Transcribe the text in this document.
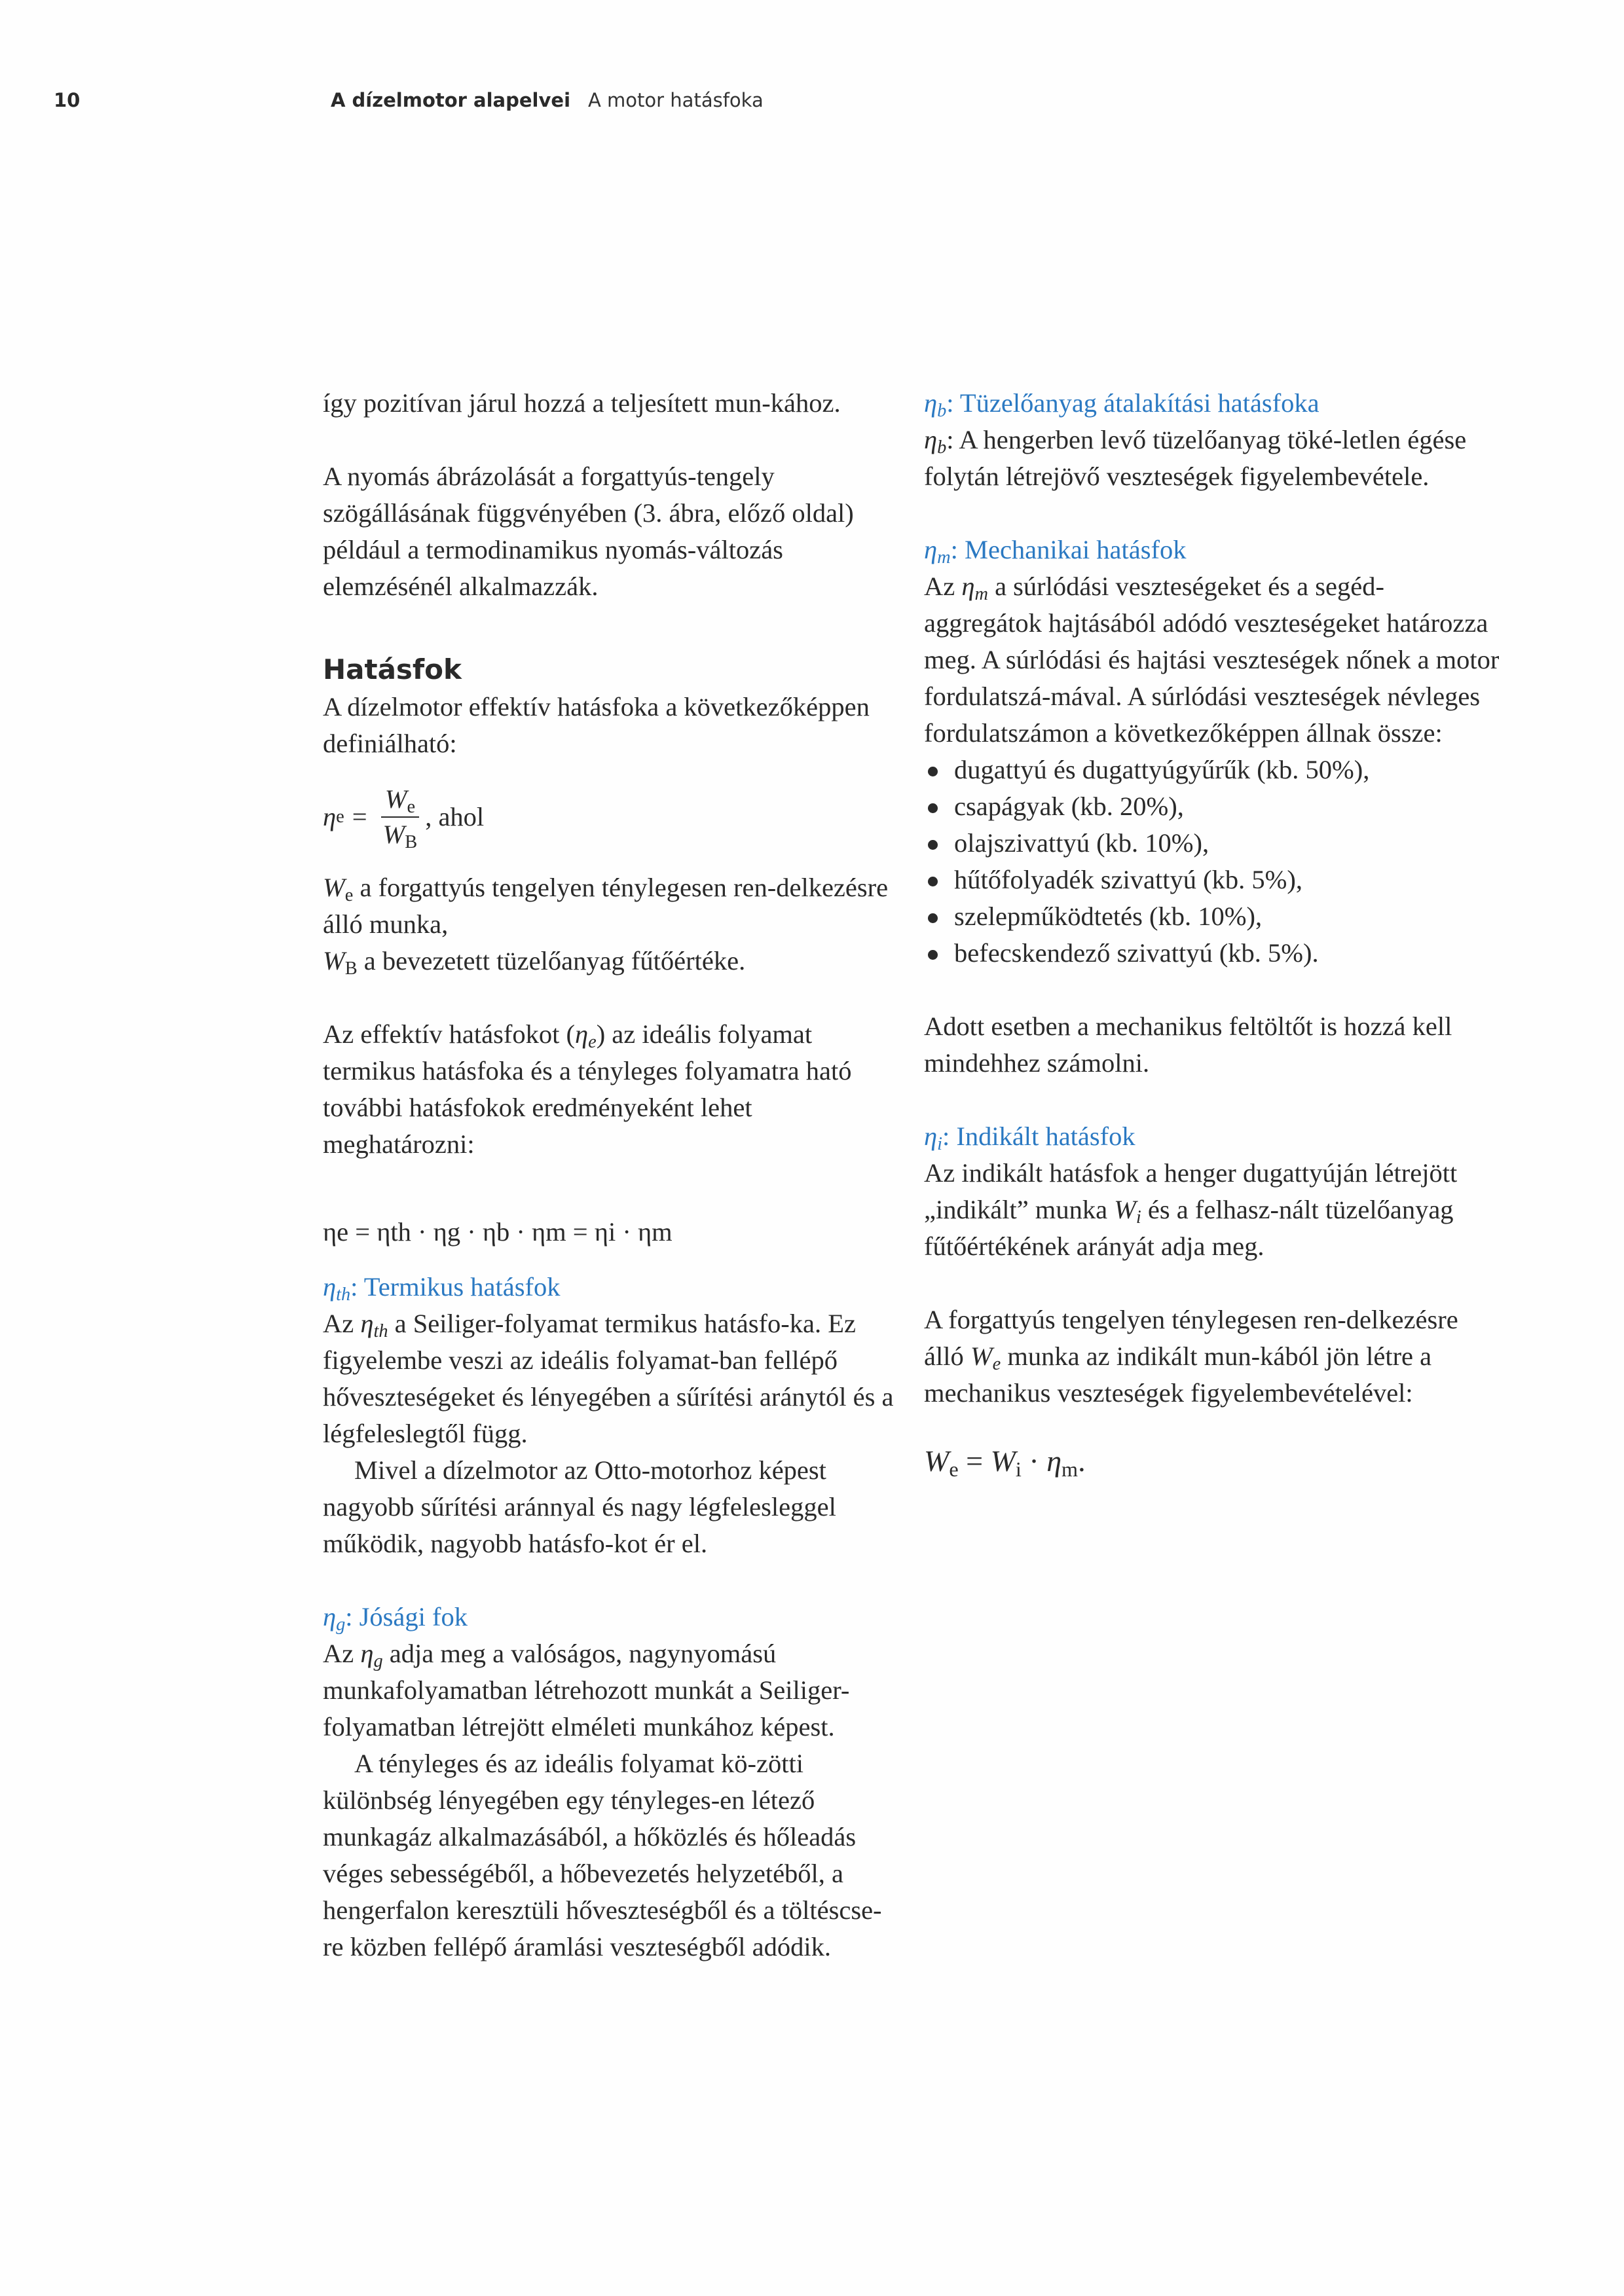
10	A dízelmotor alapelvei A motor hatásfoka

így pozitívan járul hozzá a teljesített mun-kához.

A nyomás ábrázolását a forgattyús-tengely szögállásának függvényében (3. ábra, előző oldal) például a termodinamikus nyomás-változás elemzésénél alkalmazzák.

Hatásfok

A dízelmotor effektív hatásfoka a következőképpen definiálható:

η $e = \frac{W_e}{W_B}$ , ahol

$W_e$ a forgattyús tengelyen ténylegesen ren-delkezésre álló munka,

$W_B$ a bevezetett tüzelőanyag fűtőértéke.

Az effektív hatásfokot $(\eta_e)$ az ideális folyamat termikus hatásfoka és a tényleges folyamatra ható további hatásfokok eredményeként lehet meghatározni:

ηe = ηth · ηg · ηb · ηm = ηi · ηm

$\eta_{th}$: Termikus hatásfok

Az $\eta_{th}$ a Seiliger-folyamat termikus hatásfo-ka. Ez figyelembe veszi az ideális folyamat-ban fellépő hőveszteségeket és lényegében a sűrítési aránytól és a légfeleslegtől függ.

Mivel a dízelmotor az Otto-motorhoz képest nagyobb sűrítési aránnyal és nagy légfelesleggel működik, nagyobb hatásfo-kot ér el.

$\eta_g$: Jósági fok

Az $\eta_g$ adja meg a valóságos, nagynyomású munkafolyamatban létrehozott munkát a Seiliger-folyamatban létrejött elméleti munkához képest.

A tényleges és az ideális folyamat kö-zötti különbség lényegében egy tényleges-en létező munkagáz alkalmazásából, a hőközlés és hőleadás véges sebességéből, a hőbevezetés helyzetéből, a hengerfalon keresztüli hőveszteségből és a töltéscse-re közben fellépő áramlási veszteségből adódik.

$\eta_b$: Tüzelőanyag átalakítási hatásfoka

$\eta_b$: A hengerben levő tüzelőanyag töké-letlen égése folytán létrejövő veszteségek figyelembevétele.

$\eta_m$: Mechanikai hatásfok

Az $\eta_m$ a súrlódási veszteségeket és a segéd-aggregátok hajtásából adódó veszteségeket határozza meg. A súrlódási és hajtási veszteségek nőnek a motor fordulatszá-mával. A súrlódási veszteségek névleges fordulatszámon a következőképpen állnak össze:

dugattyú és dugattyúgyűrűk (kb. 50%),
csapágyak (kb. 20%),
olajszivattyú (kb. 10%),
hűtőfolyadék szivattyú (kb. 5%),
szelepműködtetés (kb. 10%),
befecskendező szivattyú (kb. 5%).

Adott esetben a mechanikus feltöltőt is hozzá kell mindehhez számolni.

$\eta_i$: Indikált hatásfok

Az indikált hatásfok a henger dugattyúján létrejött „indikált” munka $W_i$ és a felhasz-nált tüzelőanyag fűtőértékének arányát adja meg.

A forgattyús tengelyen ténylegesen ren-delkezésre álló $W_e$ munka az indikált mun-kából jön létre a mechanikus veszteségek figyelembevételével:

$W_e = W_i \cdot \eta_m$.
